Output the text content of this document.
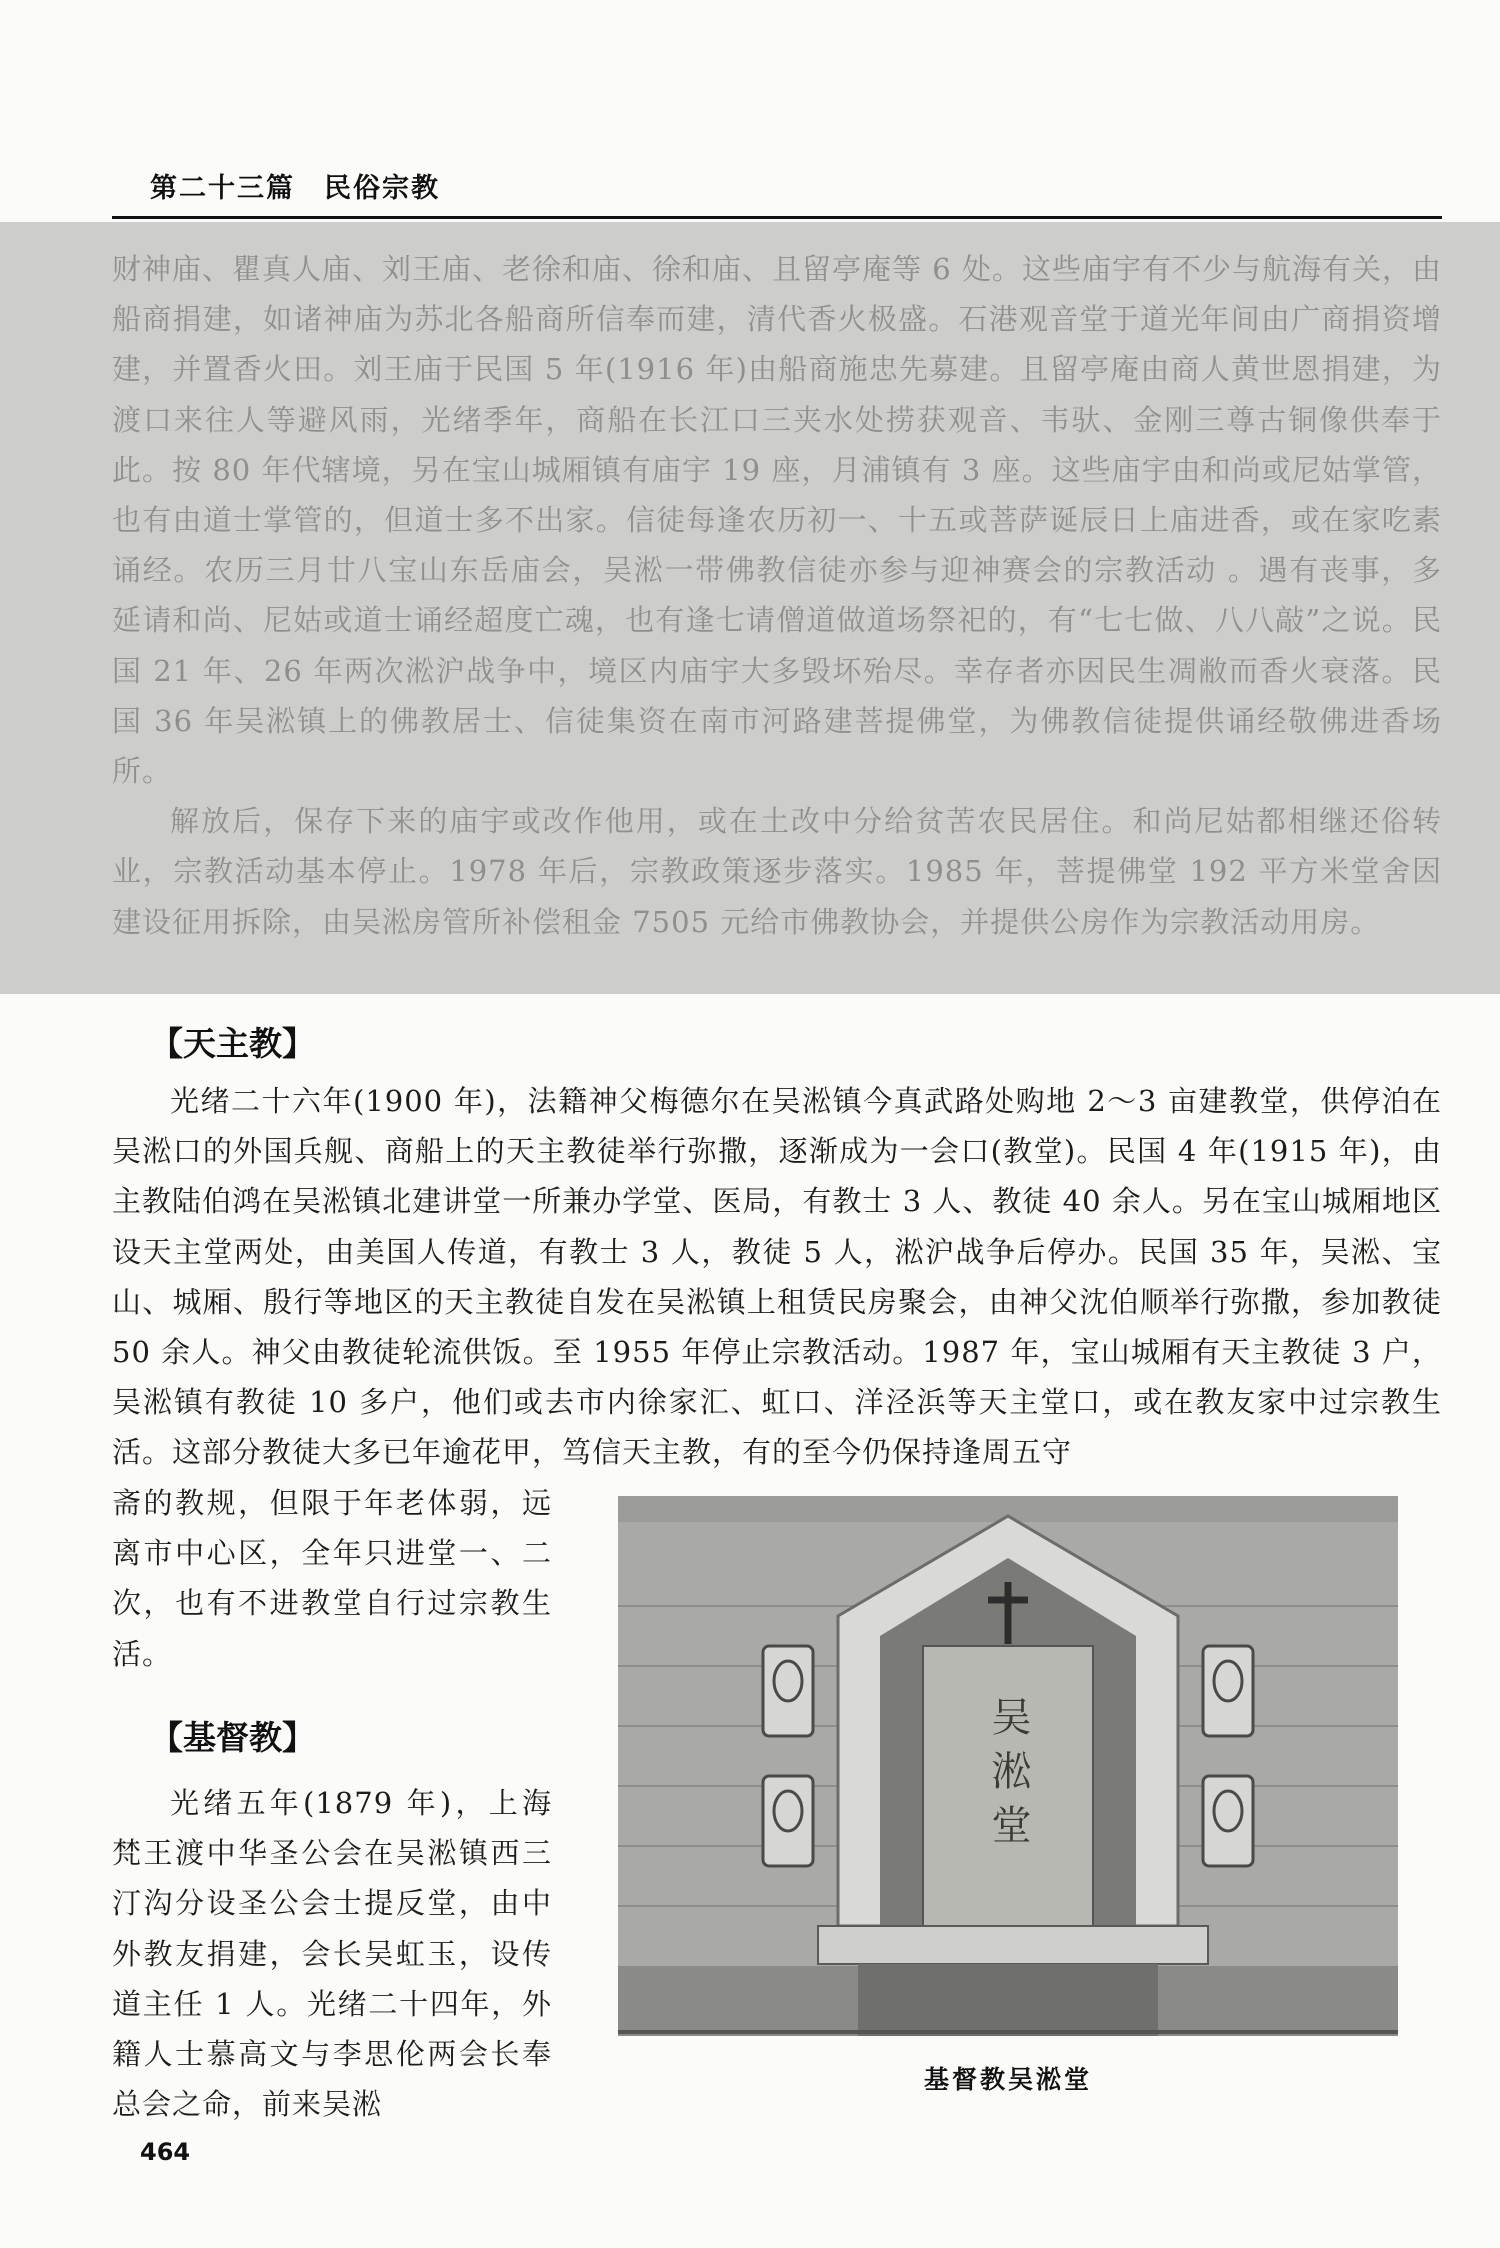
第二十三篇　民俗宗教

财神庙、瞿真人庙、刘王庙、老徐和庙、徐和庙、且留亭庵等 6 处。这些庙宇有不少与航海有关，由船商捐建，如诸神庙为苏北各船商所信奉而建，清代香火极盛。石港观音堂于道光年间由广商捐资增建，并置香火田。刘王庙于民国 5 年(1916 年)由船商施忠先募建。且留亭庵由商人黄世恩捐建，为渡口来往人等避风雨，光绪季年，商船在长江口三夹水处捞获观音、韦驮、金刚三尊古铜像供奉于此。按 80 年代辖境，另在宝山城厢镇有庙宇 19 座，月浦镇有 3 座。这些庙宇由和尚或尼姑掌管，也有由道士掌管的，但道士多不出家。信徒每逢农历初一、十五或菩萨诞辰日上庙进香，或在家吃素诵经。农历三月廿八宝山东岳庙会，吴淞一带佛教信徒亦参与迎神赛会的宗教活动 。遇有丧事，多延请和尚、尼姑或道士诵经超度亡魂，也有逢七请僧道做道场祭祀的，有“七七做、八八敲”之说。民国 21 年、26 年两次淞沪战争中，境区内庙宇大多毁坏殆尽。幸存者亦因民生凋敝而香火衰落。民国 36 年吴淞镇上的佛教居士、信徒集资在南市河路建菩提佛堂，为佛教信徒提供诵经敬佛进香场所。

解放后，保存下来的庙宇或改作他用，或在土改中分给贫苦农民居住。和尚尼姑都相继还俗转业，宗教活动基本停止。1978 年后，宗教政策逐步落实。1985 年，菩提佛堂 192 平方米堂舍因建设征用拆除，由吴淞房管所补偿租金 7505 元给市佛教协会，并提供公房作为宗教活动用房。

【天主教】

光绪二十六年(1900 年)，法籍神父梅德尔在吴淞镇今真武路处购地 2～3 亩建教堂，供停泊在吴淞口的外国兵舰、商船上的天主教徒举行弥撒，逐渐成为一会口(教堂)。民国 4 年(1915 年)，由主教陆伯鸿在吴淞镇北建讲堂一所兼办学堂、医局，有教士 3 人、教徒 40 余人。另在宝山城厢地区设天主堂两处，由美国人传道，有教士 3 人，教徒 5 人，淞沪战争后停办。民国 35 年，吴淞、宝山、城厢、殷行等地区的天主教徒自发在吴淞镇上租赁民房聚会，由神父沈伯顺举行弥撒，参加教徒 50 余人。神父由教徒轮流供饭。至 1955 年停止宗教活动。1987 年，宝山城厢有天主教徒 3 户，吴淞镇有教徒 10 多户，他们或去市内徐家汇、虹口、洋泾浜等天主堂口，或在教友家中过宗教生活。这部分教徒大多已年逾花甲，笃信天主教，有的至今仍保持逢周五守

斋的教规，但限于年老体弱，远离市中心区，全年只进堂一、二次，也有不进教堂自行过宗教生活。

【基督教】

光绪五年(1879 年)，上海梵王渡中华圣公会在吴淞镇西三汀沟分设圣公会士提反堂，由中外教友捐建，会长吴虹玉，设传道主任 1 人。光绪二十四年，外籍人士慕高文与李思伦两会长奉总会之命，前来吴淞

吴淞堂
基督教吴淞堂
464
